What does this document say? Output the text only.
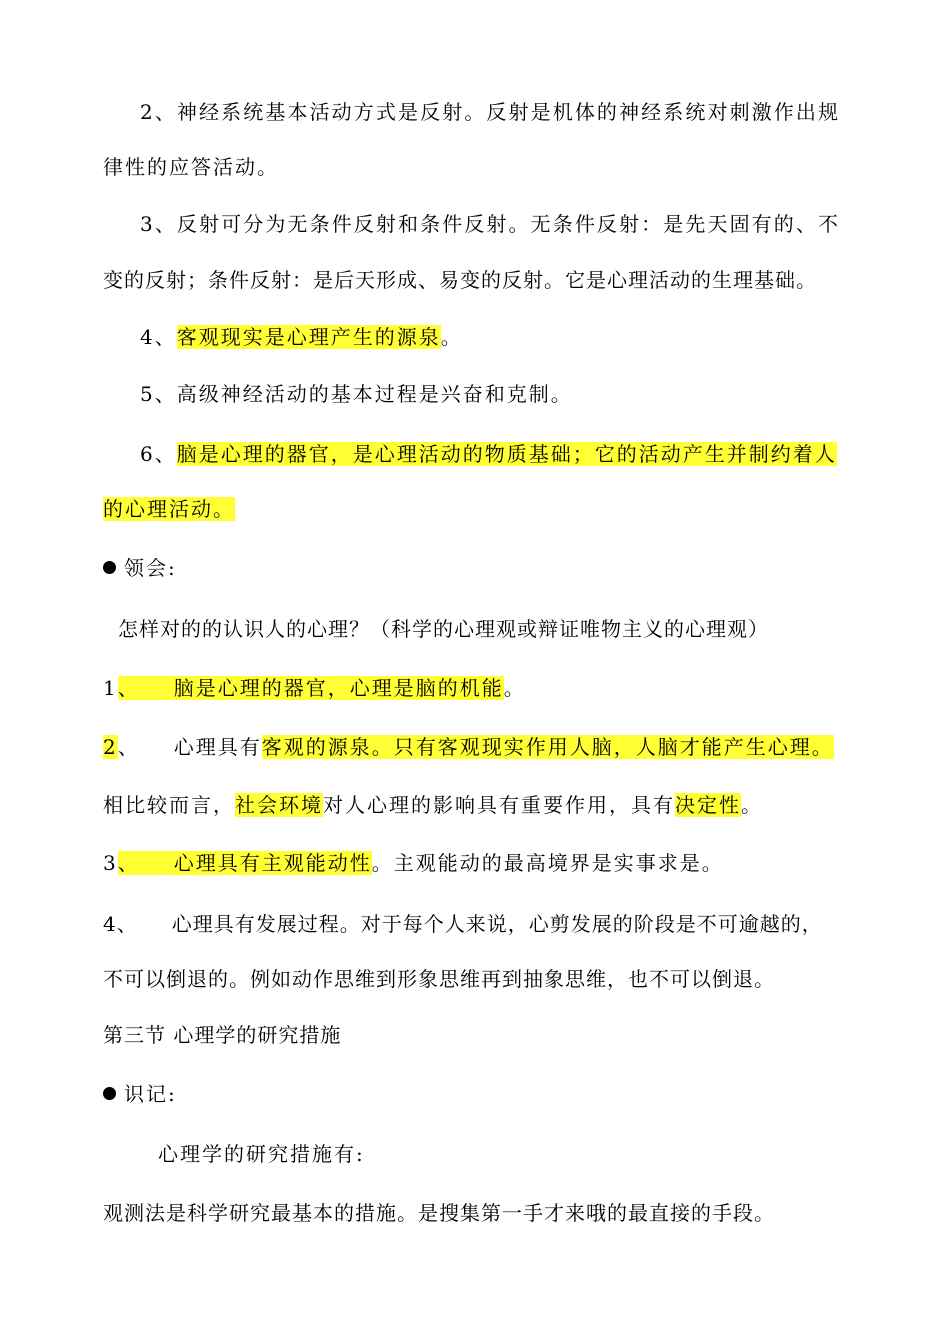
2、神经系统基本活动方式是反射。反射是机体的神经系统对刺激作出规
律性的应答活动。
3、反射可分为无条件反射和条件反射。无条件反射：是先天固有的、不
变的反射；条件反射：是后天形成、易变的反射。它是心理活动的生理基础。
4、客观现实是心理产生的源泉。
5、高级神经活动的基本过程是兴奋和克制。
6、脑是心理的器官，是心理活动的物质基础；它的活动产生并制约着人
的心理活动。
领会:
怎样对的的认识人的心理？（科学的心理观或辩证唯物主义的心理观）
1、 脑是心理的器官，心理是脑的机能。
2、 心理具有客观的源泉。只有客观现实作用人脑，人脑才能产生心理。
相比较而言，社会环境对人心理的影响具有重要作用，具有决定性。
3、 心理具有主观能动性。主观能动的最高境界是实事求是。
4、 心理具有发展过程。对于每个人来说，心剪发展的阶段是不可逾越的，
不可以倒退的。例如动作思维到形象思维再到抽象思维，也不可以倒退。
第三节 心理学的研究措施
识记:
心理学的研究措施有:
观测法是科学研究最基本的措施。是搜集第一手才来哦的最直接的手段。
